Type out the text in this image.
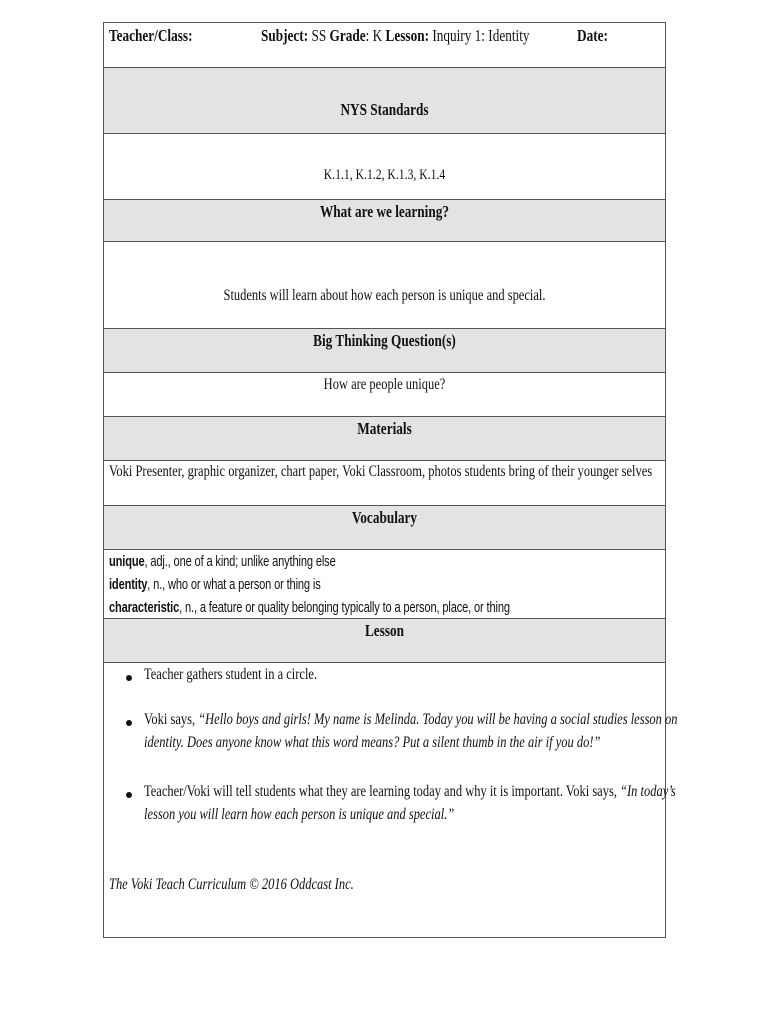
Teacher/Class:	Subject: SS Grade: K Lesson: Inquiry 1: Identity	Date:
NYS Standards
K.1.1, K.1.2, K.1.3, K.1.4
What are we learning?
Students will learn about how each person is unique and special.
Big Thinking Question(s)
How are people unique?
Materials
Voki Presenter, graphic organizer, chart paper, Voki Classroom, photos students bring of their younger selves
Vocabulary
unique, adj., one of a kind; unlike anything else
identity, n., who or what a person or thing is
characteristic, n., a feature or quality belonging typically to a person, place, or thing
Lesson
Teacher gathers student in a circle.
Voki says, “Hello boys and girls! My name is Melinda. Today you will be having a social studies lesson on
identity. Does anyone know what this word means? Put a silent thumb in the air if you do!”
Teacher/Voki will tell students what they are learning today and why it is important. Voki says, “In today’s
lesson you will learn how each person is unique and special.”
The Voki Teach Curriculum © 2016 Oddcast Inc.
